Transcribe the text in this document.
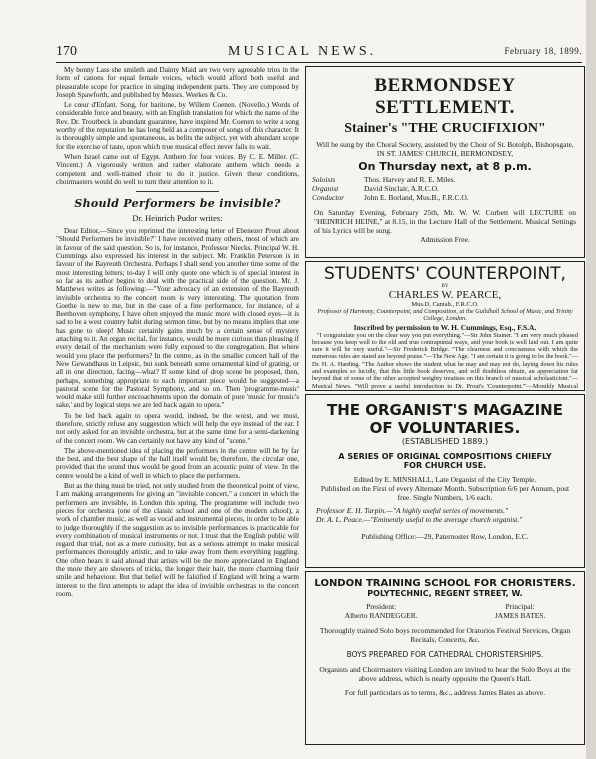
170	MUSICAL NEWS.	February 18, 1899.

My bonny Lass she smileth and Dainty Maid are two very agreeable trios in the form of canons for equal female voices, which would afford both useful and pleasurable scope for practice in singing independent parts. They are composed by Joseph Spawforth, and published by Messrs. Weekes & Co.

Le cœur d'Enfant. Song, for baritone, by Willem Coenen. (Novello.) Words of considerable force and beauty, with an English translation for which the name of the Rev. Dr. Troutbeck is abundant guarantee, have inspired Mr. Coenen to write a song worthy of the reputation he has long held as a composer of songs of this character. It is thoroughly simple and spontaneous, as befits the subject, yet with abundant scope for the exercise of taste, upon which true musical effect never fails to wait.

When Israel came out of Egypt. Anthem for four voices. By C. E. Miller. (C. Vincent.) A vigorously written and rather elaborate anthem which needs a competent and well-trained choir to do it justice. Given these conditions, choirmasters would do well to turn their attention to it.

Should Performers be invisible?
Dr. Heinrich Pudor writes:

Dear Editor,—Since you reprinted the interesting letter of Ebenezer Prout about "Should Performers be invisible?" I have received many others, most of which are in favour of the said question. So is, for instance, Professor Niecks. Principal W. H. Cummings also expressed his interest in the subject. Mr. Franklin Peterson is in favour of the Bayreuth Orchestra. Perhaps I shall send you another time some of the most interesting letters; to-day I will only quote one which is of special interest in so far as its author begins to deal with the practical side of the question. Mr. J. Matthews writes as following:—"Your advocacy of an extension of the Bayreuth invisible orchestra to the concert room is very interesting. The quotation from Goethe is new to me, but in the case of a fine performance, for instance, of a Beethoven symphony, I have often enjoyed the music more with closed eyes—it is sad to be a west country habit during sermon time, but by no means implies that one has gone to sleep! Music certainly gains much by a certain sense of mystery attaching to it. An organ recital, for instance, would be more curious than pleasing if every detail of the mechanism were fully exposed to the congregation. But where would you place the performers? In the centre, as in the smaller concert hall of the New Gewandhaus in Leipsic, but sunk beneath some ornamental kind of grating, or all in one direction, facing—what? If some kind of drop scene be proposed, then, perhaps, something appropriate to each important piece would be suggested—a pastoral scene for the Pastoral Symphony, and so on. Then 'programme-music' would make still further encroachments upon the domain of pure 'music for music's sake,' and by logical steps we are led back again to opera."

To be led back again to opera would, indeed, be the worst, and we must, therefore, strictly refuse any suggestion which will help the eye instead of the ear. I not only asked for an invisible orchestra, but at the same time for a semi-darkening of the concert room. We can certainly not have any kind of "scene."

The above-mentioned idea of placing the performers in the centre will be by far the best, and the best shape of the hall itself would be, therefore, the circular one, provided that the sound thus would be good from an acoustic point of view. In the centre would be a kind of well in which to place the performers.

But as the thing must be tried, not only studied from the theoretical point of view, I am making arrangements for giving an "invisible concert," a concert in which the performers are invisible, in London this spring. The programme will include two pieces for orchestra (one of the classic school and one of the modern school), a work of chamber music, as well as vocal and instrumental pieces, in order to be able to judge thoroughly if the suggestion as to invisible performances is practicable for every combination of musical instruments or not. I trust that the English public will regard that trial, not as a mere curiosity, but as a serious attempt to make musical performances thoroughly artistic, and to take away from them everything juggling. One often hears it said abroad that artists will be the more appreciated in England the more they are showers of tricks, the longer their hair, the more charming their smile and behaviour. But that belief will be falsified if England will bring a warm interest to the first attempts to adapt the idea of invisible orchestras to the concert room.

BERMONDSEY SETTLEMENT.
Stainer's "THE CRUCIFIXION"
Will be sung by the Choral Society, assisted by the Choir of St. Botolph, Bishopsgate,
IN ST. JAMES' CHURCH, BERMONDSEY,
On Thursday next, at 8 p.m.
Soloists	Thos. Harvey and R. E. Miles.
Organist	David Sinclair, A.R.C.O.
Conductor	John E. Borland, Mus.B., F.R.C.O.
On Saturday Evening, February 25th, Mr. W. W. Corbett will LECTURE on "HEINRICH HEINE," at 8.15, in the Lecture Hall of the Settlement. Musical Settings of his Lyrics will be sung.
Admission Free.
STUDENTS' COUNTERPOINT,
BY
CHARLES W. PEARCE,
Mus.D. Cantab., F.R.C.O.
Professor of Harmony, Counterpoint, and Composition, at the Guildhall School of Music, and Trinity College, London.
Inscribed by permission to W. H. Cummings, Esq., F.S.A.

"I congratulate you on the clear way you put everything."—Sir John Stainer. "I am very much pleased because you keep well to the old and true contrapuntal ways, and your book is well laid out. I am quite sure it will be very useful."—Sir Frederick Bridge. "The clearness and conciseness with which the numerous rules are stated are beyond praise."—The New Age. "I am certain it is going to be the book."—Dr. H. A. Harding. "The Author shows the student what he may and may not do, laying down his rules and examples so lucidly, that this little book deserves, and will doubtless obtain, an appreciation far beyond that of some of the other accepted weighty treatises on this branch of musical scholasticism."—Musical News. "Will prove a useful introduction to Dr. Prout's 'Counterpoint.'"—Monthly Musical

THE ORGANIST'S MAGAZINE
OF VOLUNTARIES.
(ESTABLISHED 1889.)
A SERIES OF ORIGINAL COMPOSITIONS CHIEFLY
FOR CHURCH USE.
Edited by E. MINSHALL, Late Organist of the City Temple.
Published on the First of every Alternate Month. Subscription 6/6 per Annum, post free. Single Numbers, 1/6 each.
Professor E. H. Turpin.—"A highly useful series of movements."
Dr. A. L. Peace.—"Eminently useful to the average church organist."
Publishing Office:—29, Paternoster Row, London, E.C.
LONDON TRAINING SCHOOL FOR CHORISTERS.
POLYTECHNIC, REGENT STREET, W.
President:
Alberto RANDEGGER.
Principal:
JAMES BATES.
Thoroughly trained Solo boys recommended for Oratorios Festival Services, Organ Recitals, Concerts, &c.
BOYS PREPARED FOR CATHEDRAL CHORISTERSHIPS.
Organists and Choirmasters visiting London are invited to hear the Solo Boys at the above address, which is nearly opposite the Queen's Hall.
For full particulars as to terms, &c., address James Bates as above.
